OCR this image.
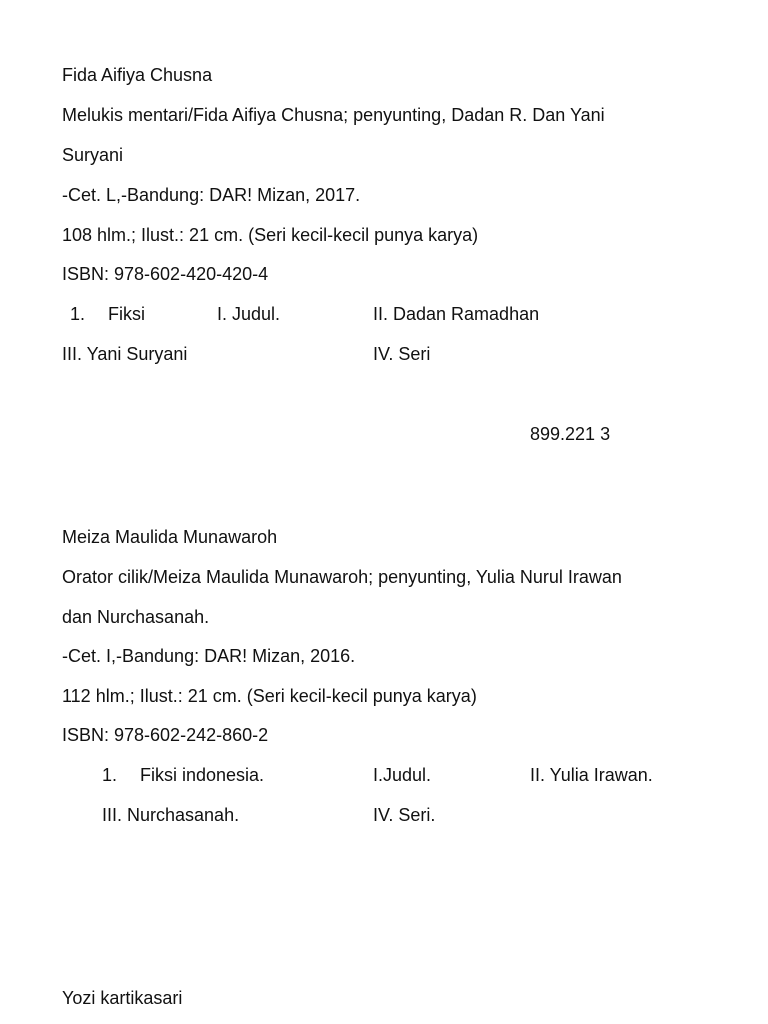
Fida Aifiya Chusna
Melukis mentari/Fida Aifiya Chusna; penyunting, Dadan R. Dan Yani
Suryani
-Cet. L,-Bandung: DAR! Mizan, 2017.
108 hlm.; Ilust.: 21 cm. (Seri kecil-kecil punya karya)
ISBN: 978-602-420-420-4
1. Fiksi	I. Judul.	II. Dadan Ramadhan
III. Yani Suryani	IV. Seri
899.221 3
Meiza Maulida Munawaroh
Orator cilik/Meiza Maulida Munawaroh; penyunting, Yulia Nurul Irawan
dan Nurchasanah.
-Cet. I,-Bandung: DAR! Mizan, 2016.
112 hlm.; Ilust.: 21 cm. (Seri kecil-kecil punya karya)
ISBN: 978-602-242-860-2
1. Fiksi indonesia.	I.Judul.	II. Yulia Irawan.
III. Nurchasanah.	IV. Seri.
Yozi kartikasari
